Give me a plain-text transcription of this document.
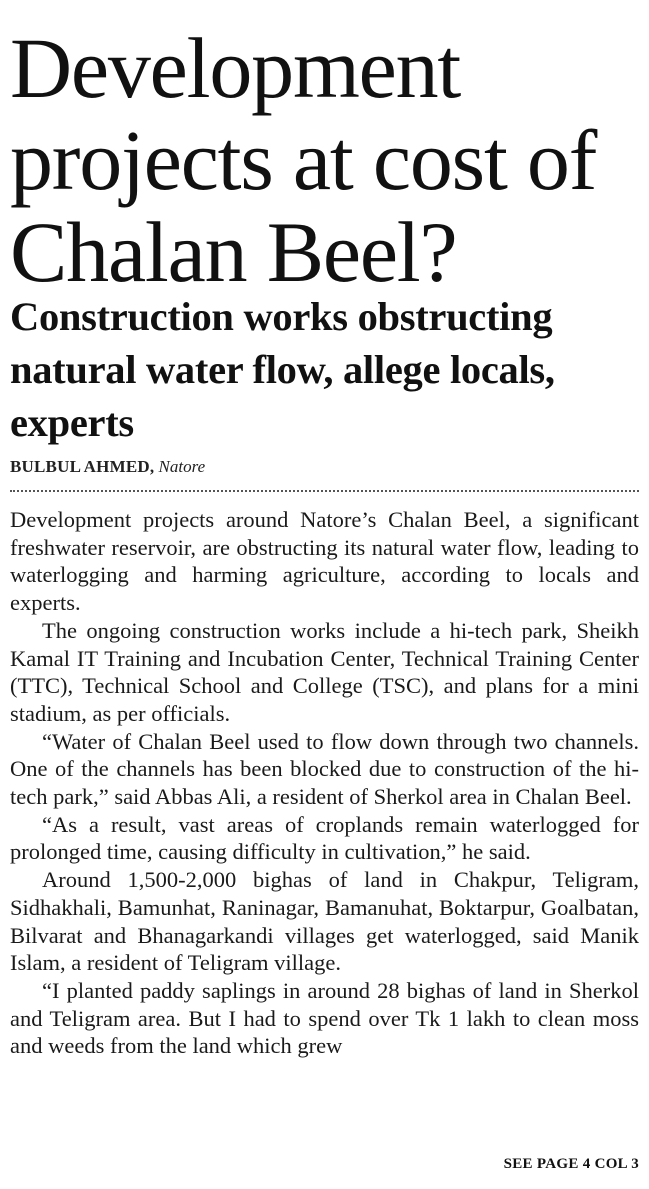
Development projects at cost of Chalan Beel?
Construction works obstructing natural water flow, allege locals, experts
BULBUL AHMED, Natore

Development projects around Natore’s Chalan Beel, a significant freshwater reservoir, are obstructing its natural water flow, leading to waterlogging and harming agriculture, according to locals and experts.

The ongoing construction works include a hi-tech park, Sheikh Kamal IT Training and Incubation Center, Technical Training Center (TTC), Technical School and College (TSC), and plans for a mini stadium, as per officials.

“Water of Chalan Beel used to flow down through two channels. One of the channels has been blocked due to construction of the hi-tech park,” said Abbas Ali, a resident of Sherkol area in Chalan Beel.

“As a result, vast areas of croplands remain waterlogged for prolonged time, causing difficulty in cultivation,” he said.

Around 1,500-2,000 bighas of land in Chakpur, Teligram, Sidhakhali, Bamunhat, Raninagar, Bamanuhat, Boktarpur, Goalbatan, Bilvarat and Bhanagarkandi villages get waterlogged, said Manik Islam, a resident of Teligram village.

“I planted paddy saplings in around 28 bighas of land in Sherkol and Teligram area. But I had to spend over Tk 1 lakh to clean moss and weeds from the land which grew

SEE PAGE 4 COL 3
